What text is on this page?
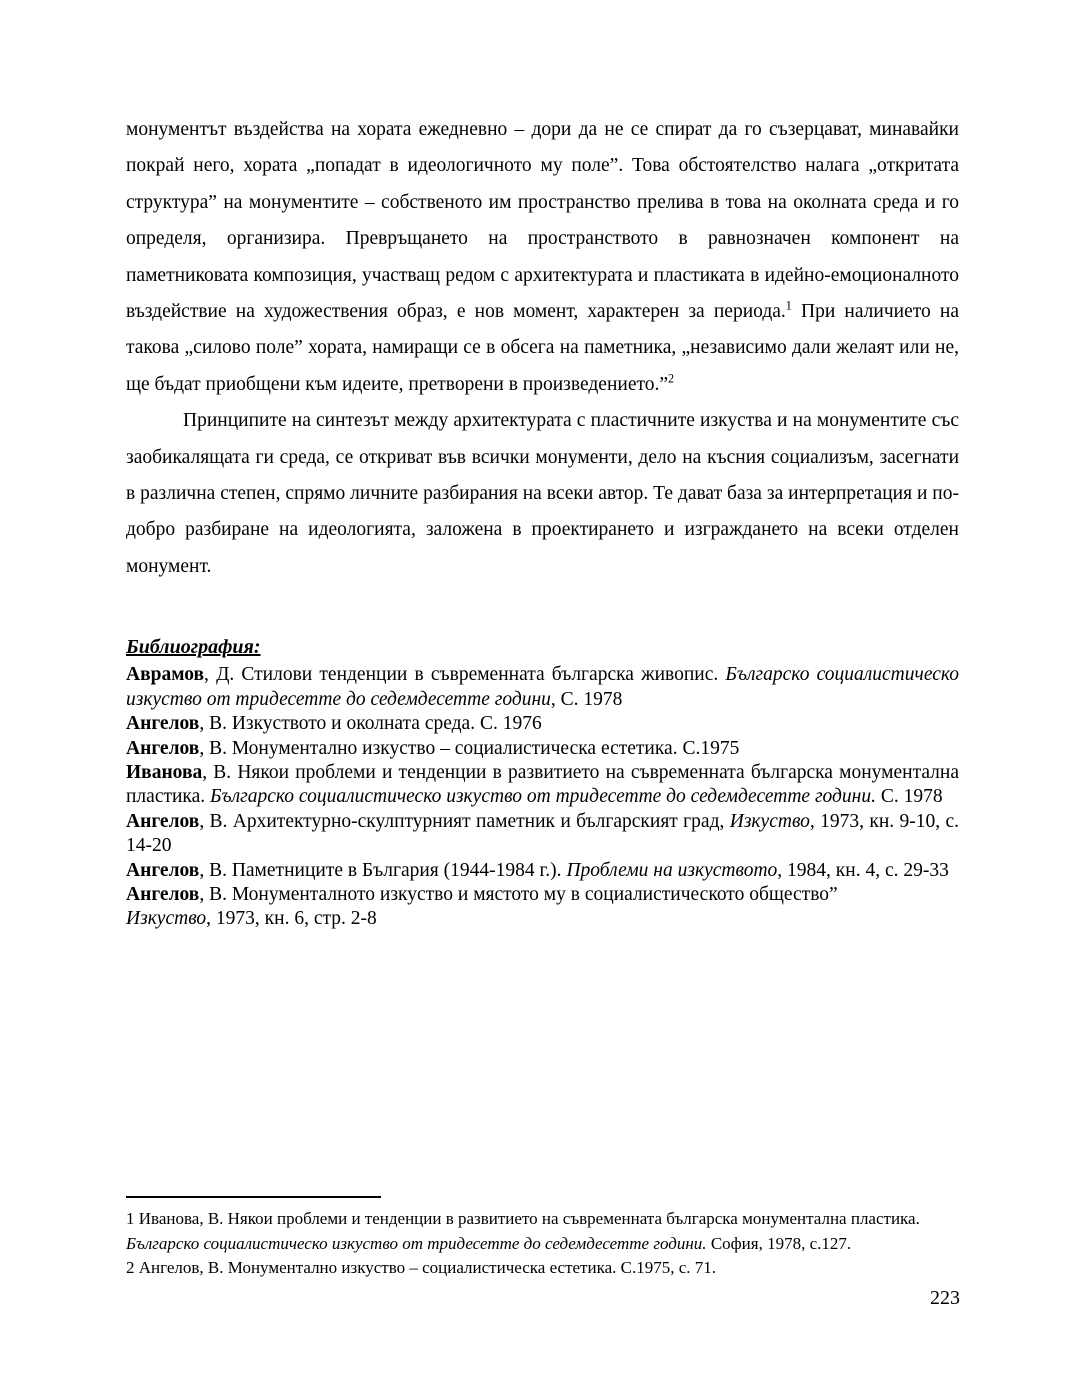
монументът въздейства на хората ежедневно – дори да не се спират да го съзерцават, минавайки покрай него, хората „попадат в идеологичното му поле”. Това обстоятелство налага „откритата структура” на монументите – собственото им пространство прелива в това на околната среда и го определя, организира. Превръщането на пространството в равнозначен компонент на паметниковата композиция, участващ редом с архитектурата и пластиката в идейно-емоционалното въздействие на художествения образ, е нов момент, характерен за периода.$^1$ При наличието на такова „силово поле” хората, намиращи се в обсега на паметника, „независимо дали желаят или не, ще бъдат приобщени към идеите, претворени в произведението.”$^2$

Принципите на синтезът между архитектурата с пластичните изкуства и на монументите със заобикалящата ги среда, се откриват във всички монументи, дело на късния социализъм, засегнати в различна степен, спрямо личните разбирания на всеки автор. Те дават база за интерпретация и по-добро разбиране на идеологията, заложена в проектирането и изграждането на всеки отделен монумент.

Библиография:

Аврамов, Д. Стилови тенденции в съвременната българска живопис. Българско социалистическо изкуство от тридесетте до седемдесетте години, С. 1978

Ангелов, В. Изкуството и околната среда. С. 1976

Ангелов, В. Монументално изкуство – социалистическа естетика. С.1975

Иванова, В. Някои проблеми и тенденции в развитието на съвременната българска монументална пластика. Българско социалистическо изкуство от тридесетте до седемдесетте години. С. 1978

Ангелов, В. Архитектурно-скулптурният паметник и българският град, Изкуство, 1973, кн. 9-10, с. 14-20

Ангелов, В. Паметниците в България (1944-1984 г.). Проблеми на изкуството, 1984, кн. 4, с. 29-33

Ангелов, В. Монументалното изкуство и мястото му в социалистическото общество”
Изкуство, 1973, кн. 6, стр. 2-8

1 Иванова, В. Някои проблеми и тенденции в развитието на съвременната българска монументална пластика.
Българско социалистическо изкуство от тридесетте до седемдесетте години. София, 1978, с.127.

2 Ангелов, В. Монументално изкуство – социалистическа естетика. С.1975, с. 71.

223
